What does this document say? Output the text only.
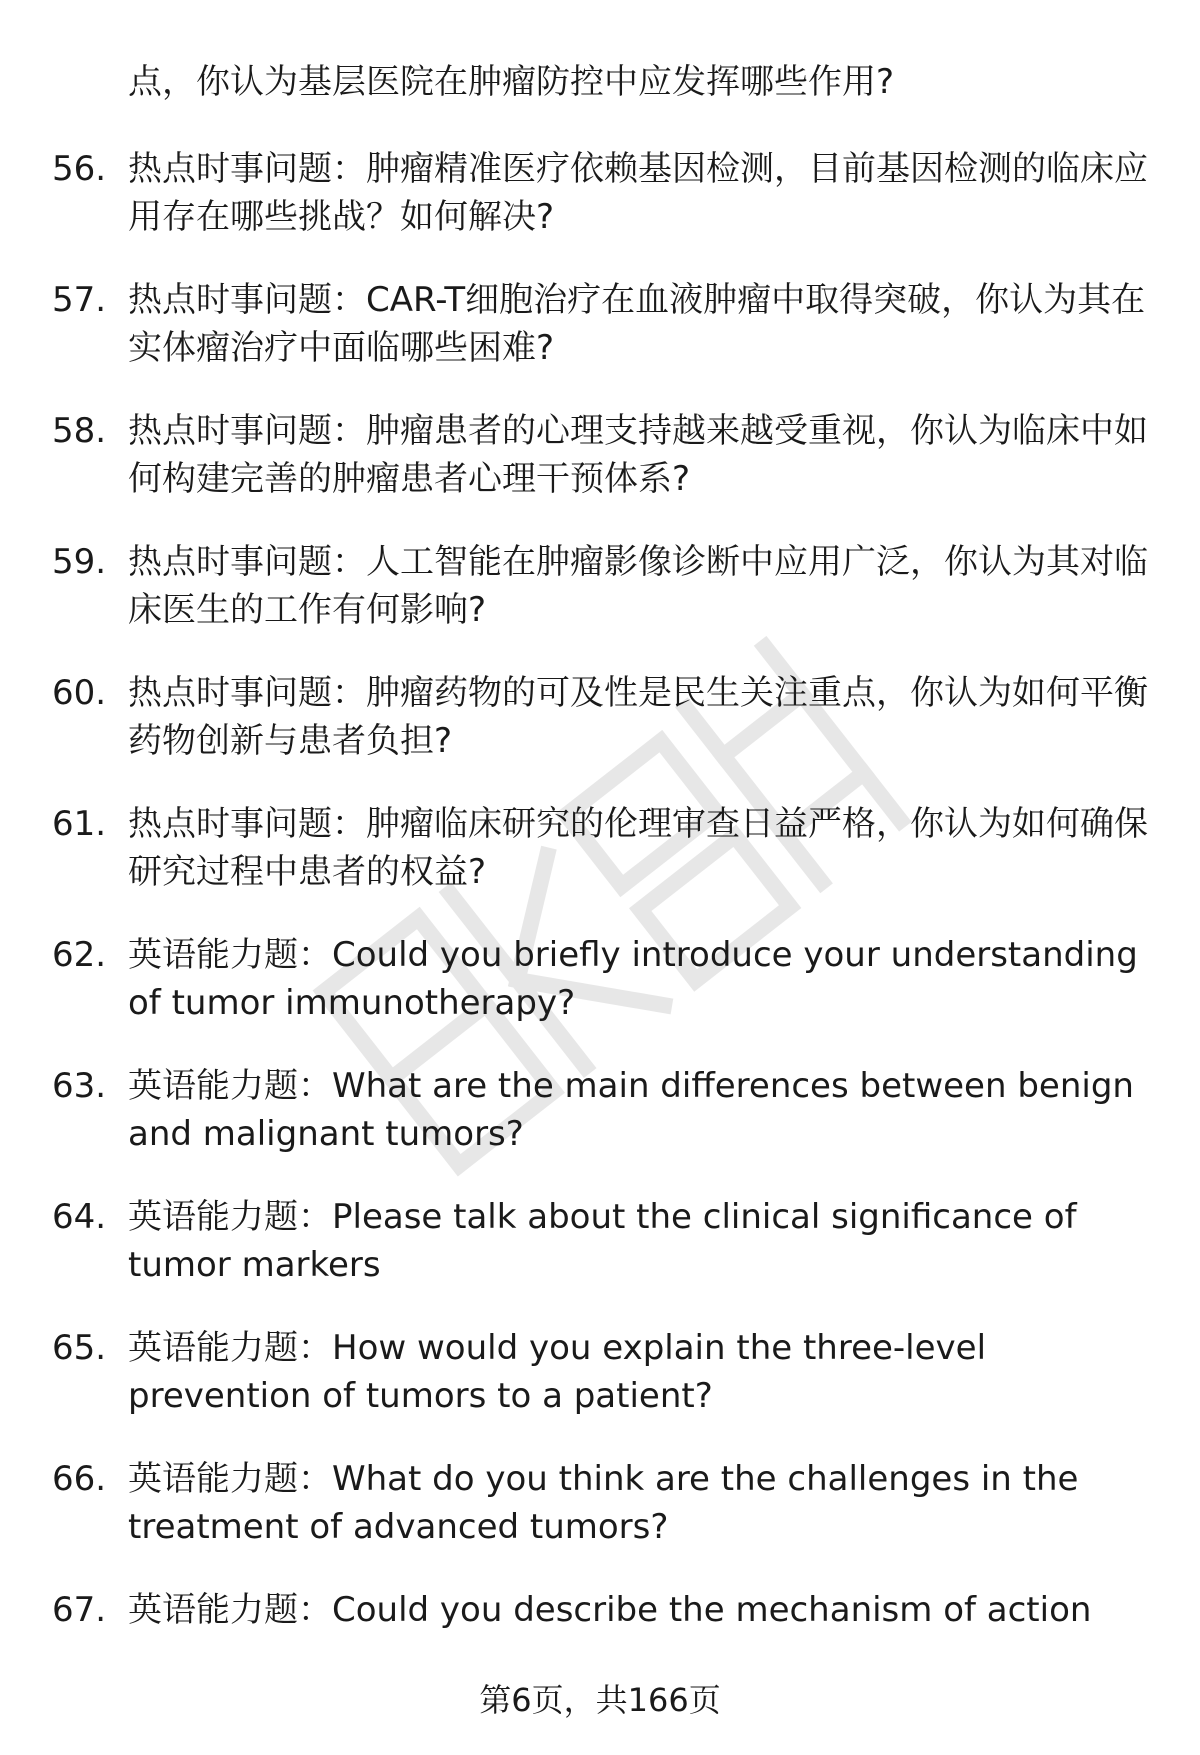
点，你认为基层医院在肿瘤防控中应发挥哪些作用?

56. 热点时事问题：肿瘤精准医疗依赖基因检测，目前基因检测的临床应用存在哪些挑战？如何解决?
57. 热点时事问题：CAR-T细胞治疗在血液肿瘤中取得突破，你认为其在实体瘤治疗中面临哪些困难?
58. 热点时事问题：肿瘤患者的心理支持越来越受重视，你认为临床中如何构建完善的肿瘤患者心理干预体系?
59. 热点时事问题：人工智能在肿瘤影像诊断中应用广泛，你认为其对临床医生的工作有何影响?
60. 热点时事问题：肿瘤药物的可及性是民生关注重点，你认为如何平衡药物创新与患者负担?
61. 热点时事问题：肿瘤临床研究的伦理审查日益严格，你认为如何确保研究过程中患者的权益?
62. 英语能力题：Could you briefly introduce your understanding of tumor immunotherapy?
63. 英语能力题：What are the main differences between benign and malignant tumors?
64. 英语能力题：Please talk about the clinical significance of tumor markers
65. 英语能力题：How would you explain the three-level prevention of tumors to a patient?
66. 英语能力题：What do you think are the challenges in the treatment of advanced tumors?
67. 英语能力题：Could you describe the mechanism of action
第6页，共166页
